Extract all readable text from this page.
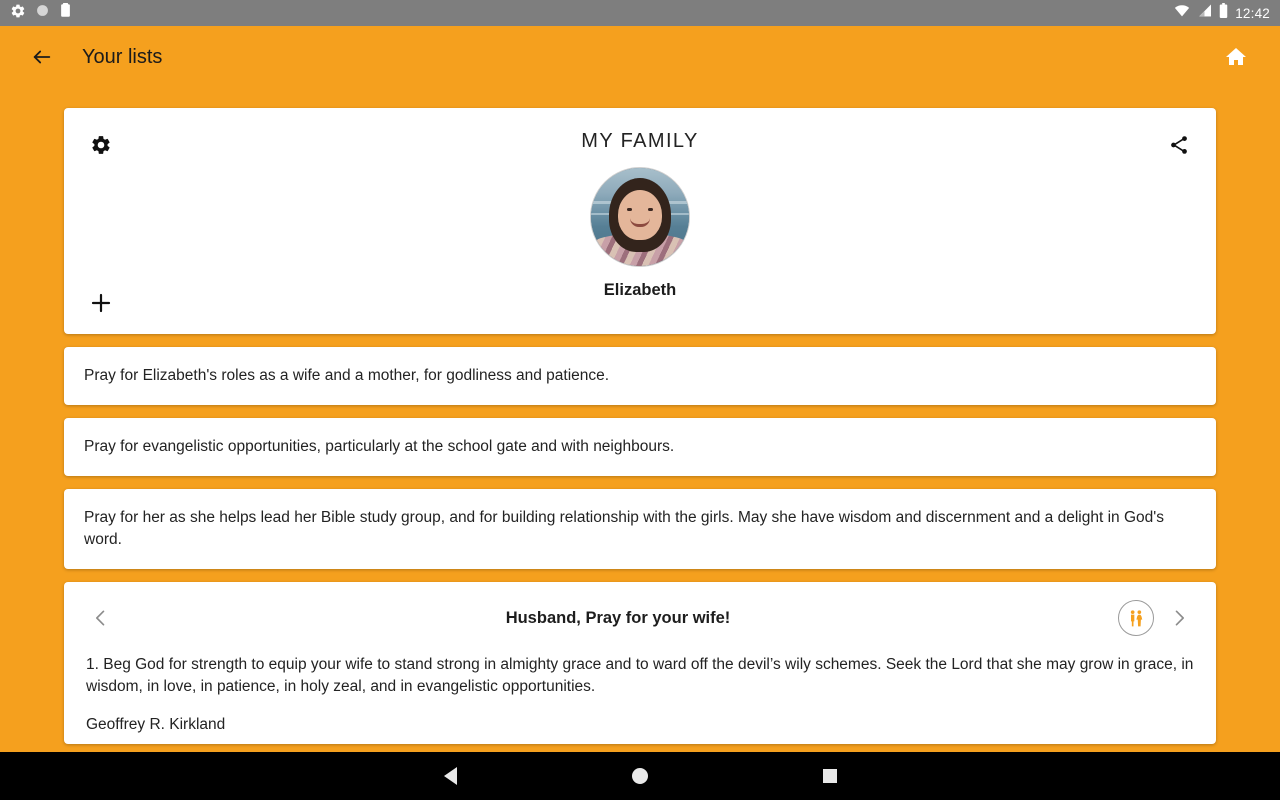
12:42
Your lists
MY FAMILY
Elizabeth

Pray for Elizabeth's roles as a wife and a mother, for godliness and patience.

Pray for evangelistic opportunities, particularly at the school gate and with neighbours.

Pray for her as she helps lead her Bible study group, and for building relationship with the girls. May she have wisdom and discernment and a delight in God's word.

Husband, Pray for your wife!

1. Beg God for strength to equip your wife to stand strong in almighty grace and to ward off the devil’s wily schemes. Seek the Lord that she may grow in grace, in wisdom, in love, in patience, in holy zeal, and in evangelistic opportunities.

Geoffrey R. Kirkland
